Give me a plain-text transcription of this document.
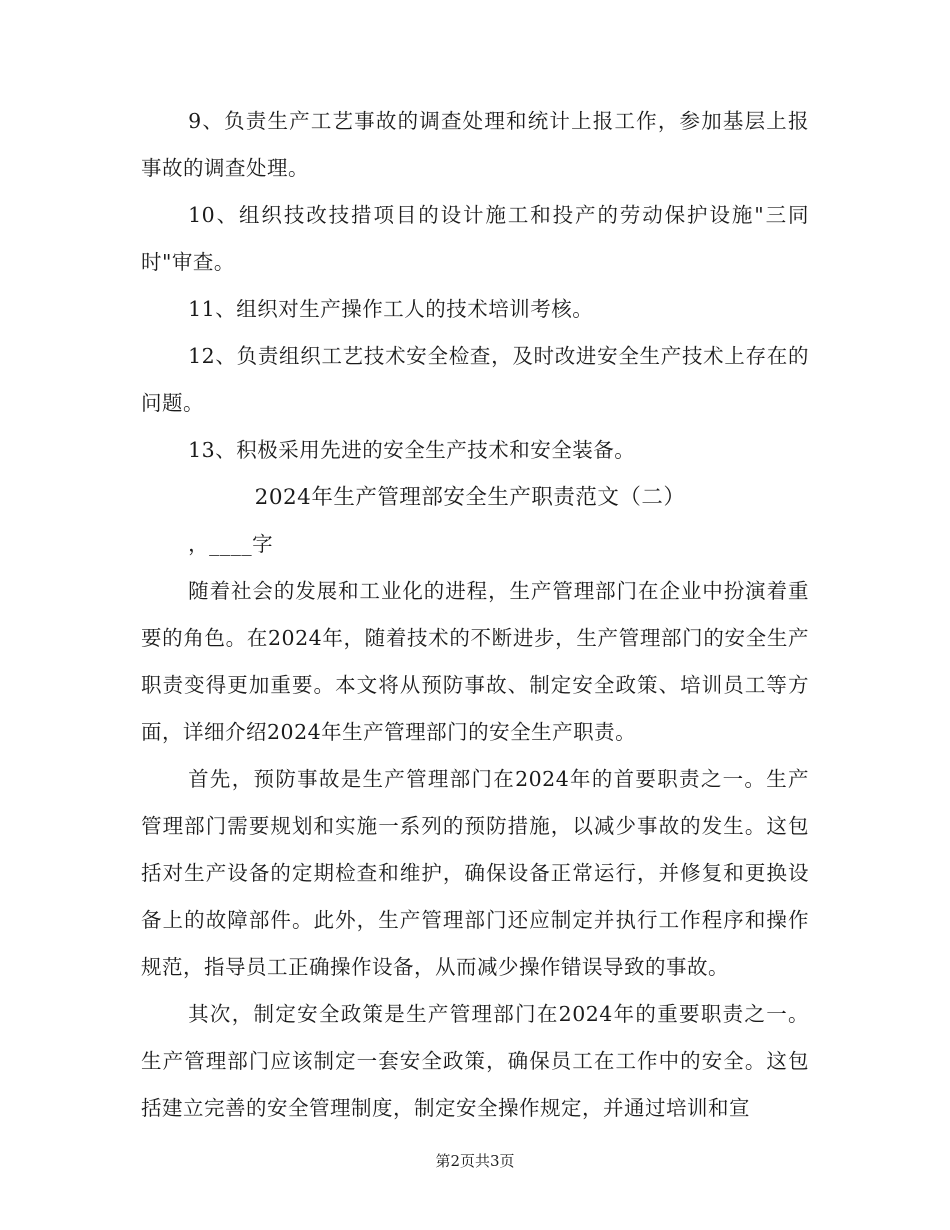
9、负责生产工艺事故的调查处理和统计上报工作，参加基层上报事故的调查处理。

10、组织技改技措项目的设计施工和投产的劳动保护设施"三同时"审查。

11、组织对生产操作工人的技术培训考核。

12、负责组织工艺技术安全检查，及时改进安全生产技术上存在的问题。

13、积极采用先进的安全生产技术和安全装备。

2024年生产管理部安全生产职责范文（二）

，____字

随着社会的发展和工业化的进程，生产管理部门在企业中扮演着重要的角色。在2024年，随着技术的不断进步，生产管理部门的安全生产职责变得更加重要。本文将从预防事故、制定安全政策、培训员工等方面，详细介绍2024年生产管理部门的安全生产职责。

首先，预防事故是生产管理部门在2024年的首要职责之一。生产管理部门需要规划和实施一系列的预防措施，以减少事故的发生。这包括对生产设备的定期检查和维护，确保设备正常运行，并修复和更换设备上的故障部件。此外，生产管理部门还应制定并执行工作程序和操作规范，指导员工正确操作设备，从而减少操作错误导致的事故。

其次，制定安全政策是生产管理部门在2024年的重要职责之一。生产管理部门应该制定一套安全政策，确保员工在工作中的安全。这包括建立完善的安全管理制度，制定安全操作规定，并通过培训和宣

第2页共3页
